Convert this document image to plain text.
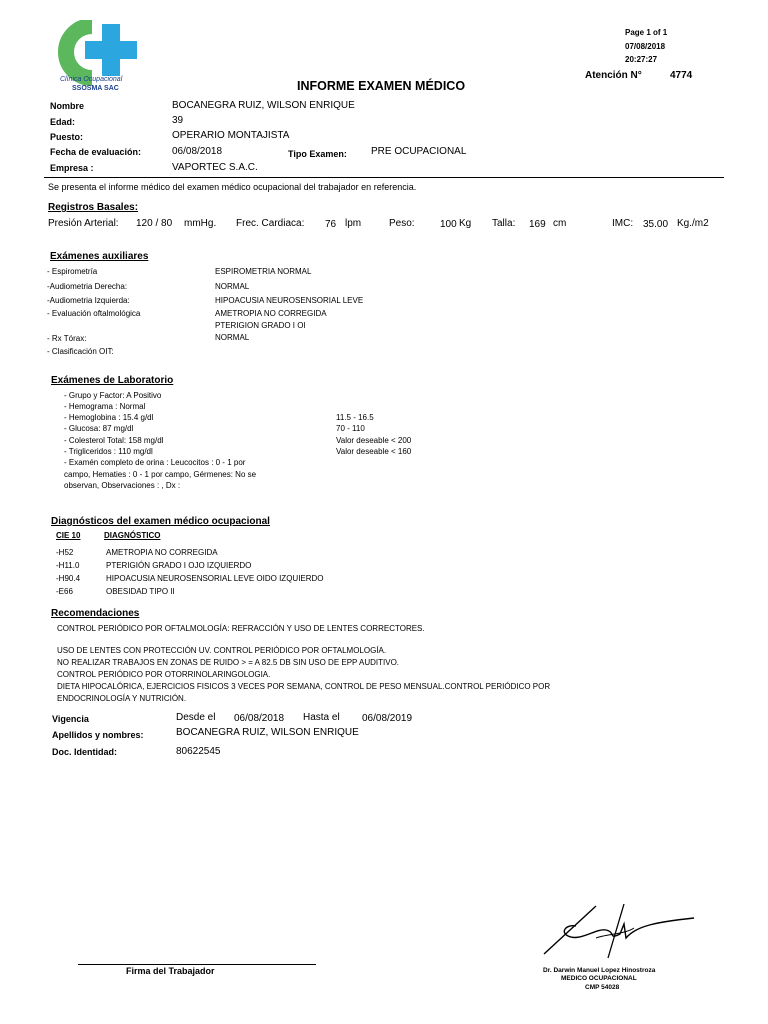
Clínica Ocupacional
SSOSMA SAC
Page 1 of 1
07/08/2018
20:27:27
Atención N°	4774
INFORME EXAMEN MÉDICO
Nombre	BOCANEGRA RUIZ, WILSON ENRIQUE
Edad:	39
Puesto:	OPERARIO MONTAJISTA
Fecha de evaluación:	06/08/2018	Tipo Examen: PRE OCUPACIONAL
Empresa :	VAPORTEC S.A.C.
Se presenta el informe médico del examen médico ocupacional del trabajador en referencia.
Registros Basales:
Presión Arterial: 120 / 80 mmHg. Frec. Cardiaca: 76 lpm	Peso:	100 Kg Talla: 169 cm	IMC: 35.00 Kg./m2
Exámenes auxiliares
- Espirometría	ESPIROMETRIA NORMAL
-Audiometria Derecha:	NORMAL
-Audiometria Izquierda:	HIPOACUSIA NEUROSENSORIAL LEVE
- Evaluación oftalmológica	AMETROPIA NO CORREGIDA
PTERIGION GRADO I OI
- Rx Tórax:	NORMAL
- Clasificación OIT:
Exámenes de Laboratorio
- Grupo y Factor: A Positivo
- Hemograma : Normal
- Hemoglobina : 15.4 g/dl	11.5 - 16.5
- Glucosa: 87 mg/dl	70 - 110
- Colesterol Total: 158 mg/dl	Valor deseable < 200
- Trigliceridos : 110 mg/dl	Valor deseable < 160
- Examén completo de orina : Leucocitos : 0 - 1 por
campo, Hematies : 0 - 1 por campo, Gérmenes: No se
observan, Observaciones : , Dx :
Diagnósticos del examen médico ocupacional
CIE 10	DIAGNÓSTICO
-H52	AMETROPIA NO CORREGIDA
-H11.0	PTERIGIÓN GRADO I OJO IZQUIERDO
-H90.4	HIPOACUSIA NEUROSENSORIAL LEVE OIDO IZQUIERDO
-E66	OBESIDAD TIPO II
Recomendaciones
CONTROL PERIÓDICO POR OFTALMOLOGÍA: REFRACCIÓN Y USO DE LENTES CORRECTORES.
USO DE LENTES CON PROTECCIÓN UV. CONTROL PERIÓDICO POR OFTALMOLOGÍA.
NO REALIZAR TRABAJOS EN ZONAS DE RUIDO > = A 82.5 DB SIN USO DE EPP AUDITIVO.
CONTROL PERIÓDICO POR OTORRINOLARINGOLOGIA.
DIETA HIPOCALÓRICA, EJERCICIOS FISICOS 3 VECES POR SEMANA, CONTROL DE PESO MENSUAL.CONTROL PERIÓDICO POR
ENDOCRINOLOGÍA Y NUTRICIÓN.
Vigencia	Desde el 06/08/2018 Hasta el 06/08/2019
Apellidos y nombres:	BOCANEGRA RUIZ, WILSON ENRIQUE
Doc. Identidad:	80622545
Firma del Trabajador	Dr. Darwin Manuel Lopez Hinostroza
MEDICO OCUPACIONAL
CMP 54028
